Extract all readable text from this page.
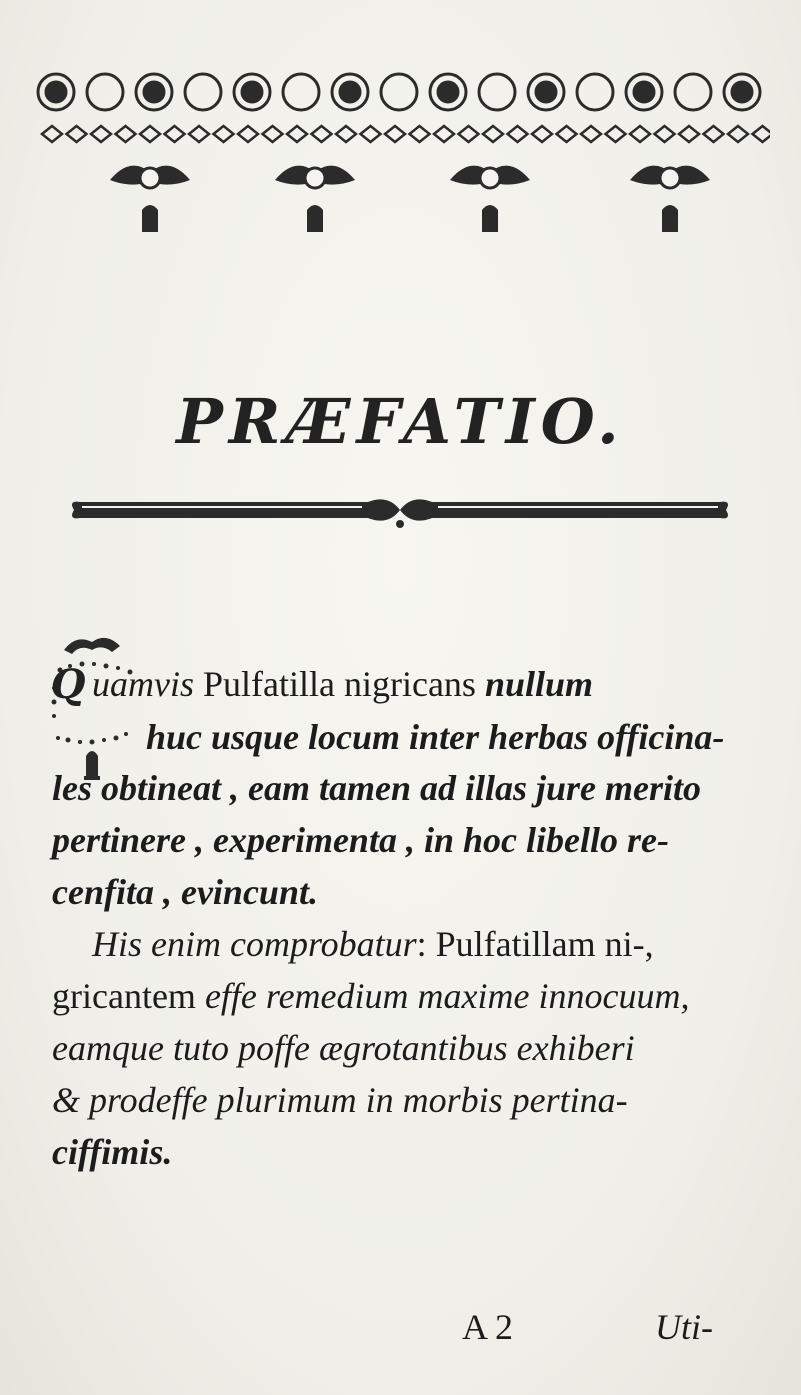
PRÆFATIO.
Q uamvis Pulfatilla nigricans nullum
huc usque locum inter herbas officina-
les obtineat , eam tamen ad illas jure merito
pertinere , experimenta , in hoc libello re-
cenfita , evincunt.
His enim comprobatur: Pulfatillam ni-,
gricantem effe remedium maxime innocuum,
eamque tuto poffe ægrotantibus exhiberi
& prodeffe plurimum in morbis pertina-
ciffimis.
A 2	Uti-
